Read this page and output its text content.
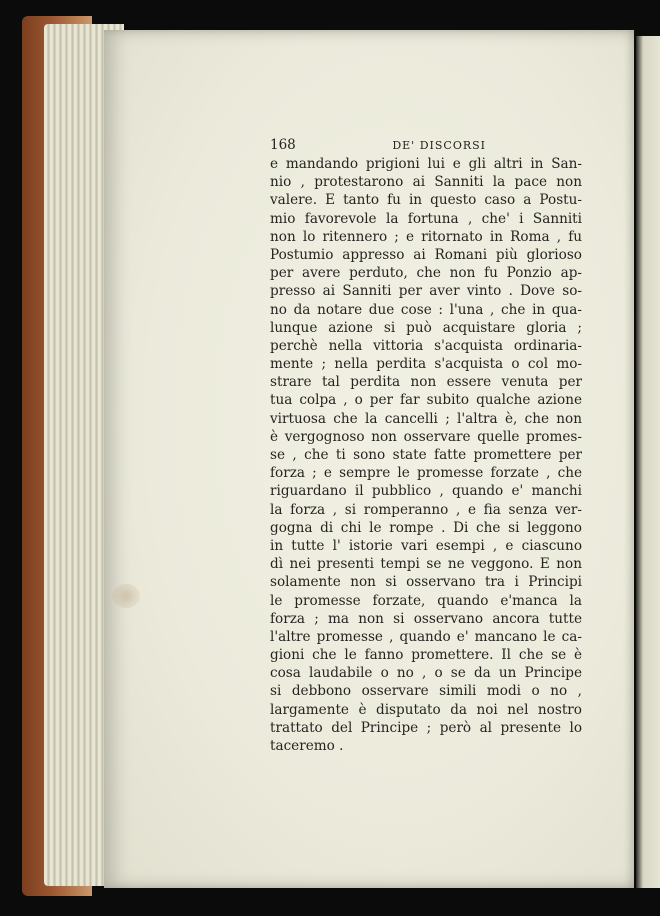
168	DE' DISCORSI
e mandando prigioni lui e gli altri in San-
nio , protestarono ai Sanniti la pace non
valere. E tanto fu in questo caso a Postu-
mio favorevole la fortuna , che' i Sanniti
non lo ritennero ; e ritornato in Roma , fu
Postumio appresso ai Romani più glorioso
per avere perduto, che non fu Ponzio ap-
presso ai Sanniti per aver vinto . Dove so-
no da notare due cose : l'una , che in qua-
lunque azione si può acquistare gloria ;
perchè nella vittoria s'acquista ordinaria-
mente ; nella perdita s'acquista o col mo-
strare tal perdita non essere venuta per
tua colpa , o per far subito qualche azione
virtuosa che la cancelli ; l'altra è, che non
è vergognoso non osservare quelle promes-
se , che ti sono state fatte promettere per
forza ; e sempre le promesse forzate , che
riguardano il pubblico , quando e' manchi
la forza , si romperanno , e fia senza ver-
gogna di chi le rompe . Di che si leggono
in tutte l' istorie vari esempi , e ciascuno
dì nei presenti tempi se ne veggono. E non
solamente non si osservano tra i Principi
le promesse forzate, quando e'manca la
forza ; ma non si osservano ancora tutte
l'altre promesse , quando e' mancano le ca-
gioni che le fanno promettere. Il che se è
cosa laudabile o no , o se da un Principe
si debbono osservare simili modi o no ,
largamente è disputato da noi nel nostro
trattato del Principe ; però al presente lo
taceremo .
